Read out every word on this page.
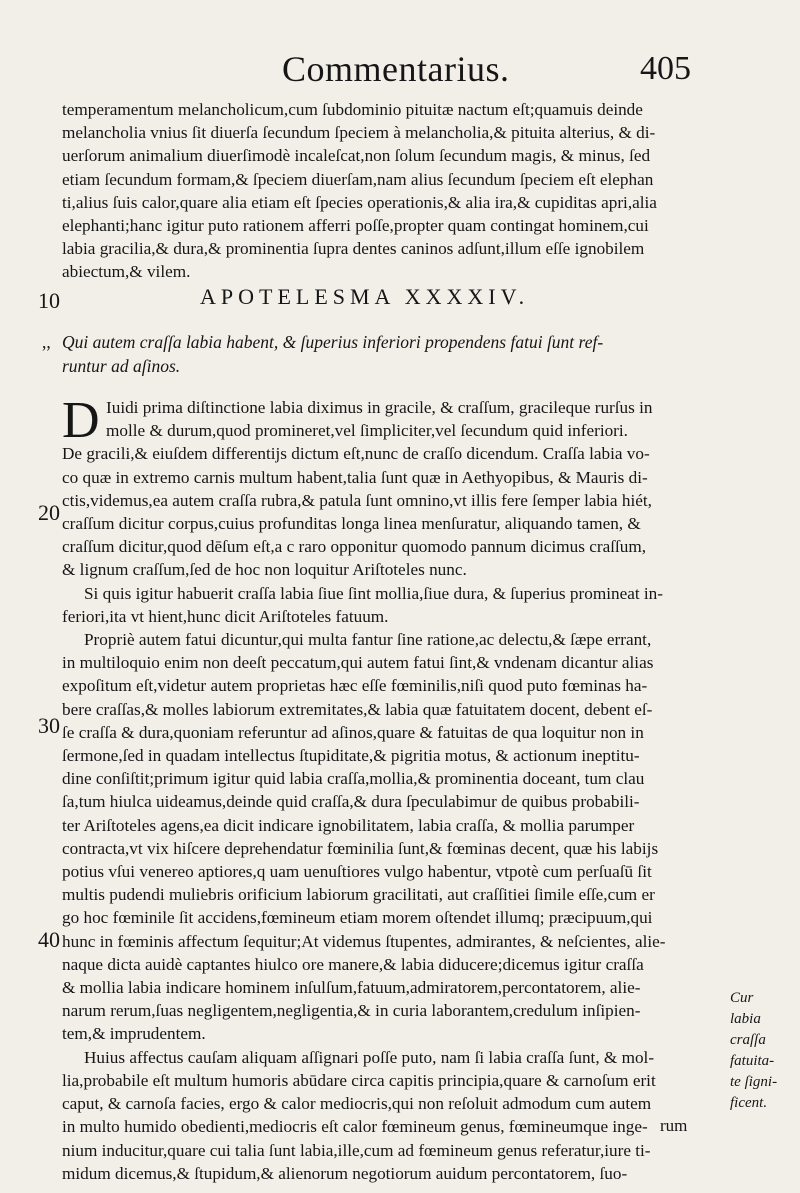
Commentarius.	405
temperamentum melancholicum,cum ſubdominio pituitæ nactum eſt;quamuis deinde
melancholia vnius ſit diuerſa ſecundum ſpeciem à melancholia,& pituita alterius, & di-
uerſorum animalium diuerſimodè incaleſcat,non ſolum ſecundum magis, & minus, ſed
etiam ſecundum formam,& ſpeciem diuerſam,nam alius ſecundum ſpeciem eſt elephan
ti,alius ſuis calor,quare alia etiam eſt ſpecies operationis,& alia ira,& cupiditas apri,alia
elephanti;hanc igitur puto rationem afferri poſſe,propter quam contingat hominem,cui
labia gracilia,& dura,& prominentia ſupra dentes caninos adſunt,illum eſſe ignobilem
abiectum,& vilem.
10	APOTELESMA XXXXIV.
,, Qui autem craſſa labia habent, & ſuperius inferiori propendens fatui ſunt ref-
runtur ad aſinos.
D
20
30
40
Iuidi prima diſtinctione labia diximus in gracile, & craſſum, gracileque rurſus in
molle & durum,quod promineret,vel ſimpliciter,vel ſecundum quid inferiori.
De gracili,& eiuſdem differentijs dictum eſt,nunc de craſſo dicendum. Craſſa labia vo-
co quæ in extremo carnis multum habent,talia ſunt quæ in Aethyopibus, & Mauris di-
ctis,videmus,ea autem craſſa rubra,& patula ſunt omnino,vt illis fere ſemper labia hiét,
craſſum dicitur corpus,cuius profunditas longa linea menſuratur, aliquando tamen, &
craſſum dicitur,quod dēſum eſt,a c raro opponitur quomodo pannum dicimus craſſum,
& lignum craſſum,ſed de hoc non loquitur Ariſtoteles nunc.
Si quis igitur habuerit craſſa labia ſiue ſint mollia,ſiue dura, & ſuperius promineat in-
feriori,ita vt hient,hunc dicit Ariſtoteles fatuum.
Propriè autem fatui dicuntur,qui multa fantur ſine ratione,ac delectu,& ſæpe errant,
in multiloquio enim non deeſt peccatum,qui autem fatui ſint,& vndenam dicantur alias
expoſitum eſt,videtur autem proprietas hæc eſſe fœminilis,niſi quod puto fœminas ha-
bere craſſas,& molles labiorum extremitates,& labia quæ fatuitatem docent, debent eſ-
ſe craſſa & dura,quoniam referuntur ad aſinos,quare & fatuitas de qua loquitur non in
ſermone,ſed in quadam intellectus ſtupiditate,& pigritia motus, & actionum ineptitu-
dine conſiſtit;primum igitur quid labia craſſa,mollia,& prominentia doceant, tum clau
ſa,tum hiulca uideamus,deinde quid craſſa,& dura ſpeculabimur de quibus probabili-
ter Ariſtoteles agens,ea dicit indicare ignobilitatem, labia craſſa, & mollia parumper
contracta,vt vix hiſcere deprehendatur fœminilia ſunt,& fœminas decent, quæ his labijs
potius vſui venereo aptiores,q uam uenuſtiores vulgo habentur, vtpotè cum perſuaſū ſit
multis pudendi muliebris orificium labiorum gracilitati, aut craſſitiei ſimile eſſe,cum er
go hoc fœminile ſit accidens,fœmineum etiam morem oſtendet illumq; præcipuum,qui
hunc in fœminis affectum ſequitur;At videmus ſtupentes, admirantes, & neſcientes, alie-
naque dicta auidè captantes hiulco ore manere,& labia diducere;dicemus igitur craſſa
& mollia labia indicare hominem inſulſum,fatuum,admiratorem,percontatorem, alie-
narum rerum,ſuas negligentem,negligentia,& in curia laborantem,credulum inſipien-
tem,& imprudentem.
Huius affectus cauſam aliquam aſſignari poſſe puto, nam ſi labia craſſa ſunt, & mol-
lia,probabile eſt multum humoris abūdare circa capitis principia,quare & carnoſum erit
caput, & carnoſa facies, ergo & calor mediocris,qui non reſoluit admodum cum autem
in multo humido obedienti,mediocris eſt calor fœmineum genus, fœmineumque inge-
nium inducitur,quare cui talia ſunt labia,ille,cum ad fœmineum genus referatur,iure ti-
midum dicemus,& ſtupidum,& alienorum negotiorum auidum percontatorem, ſuo-
Cur
labia
craſſa
fatuita-
te ſigni-
ficent.
rum
